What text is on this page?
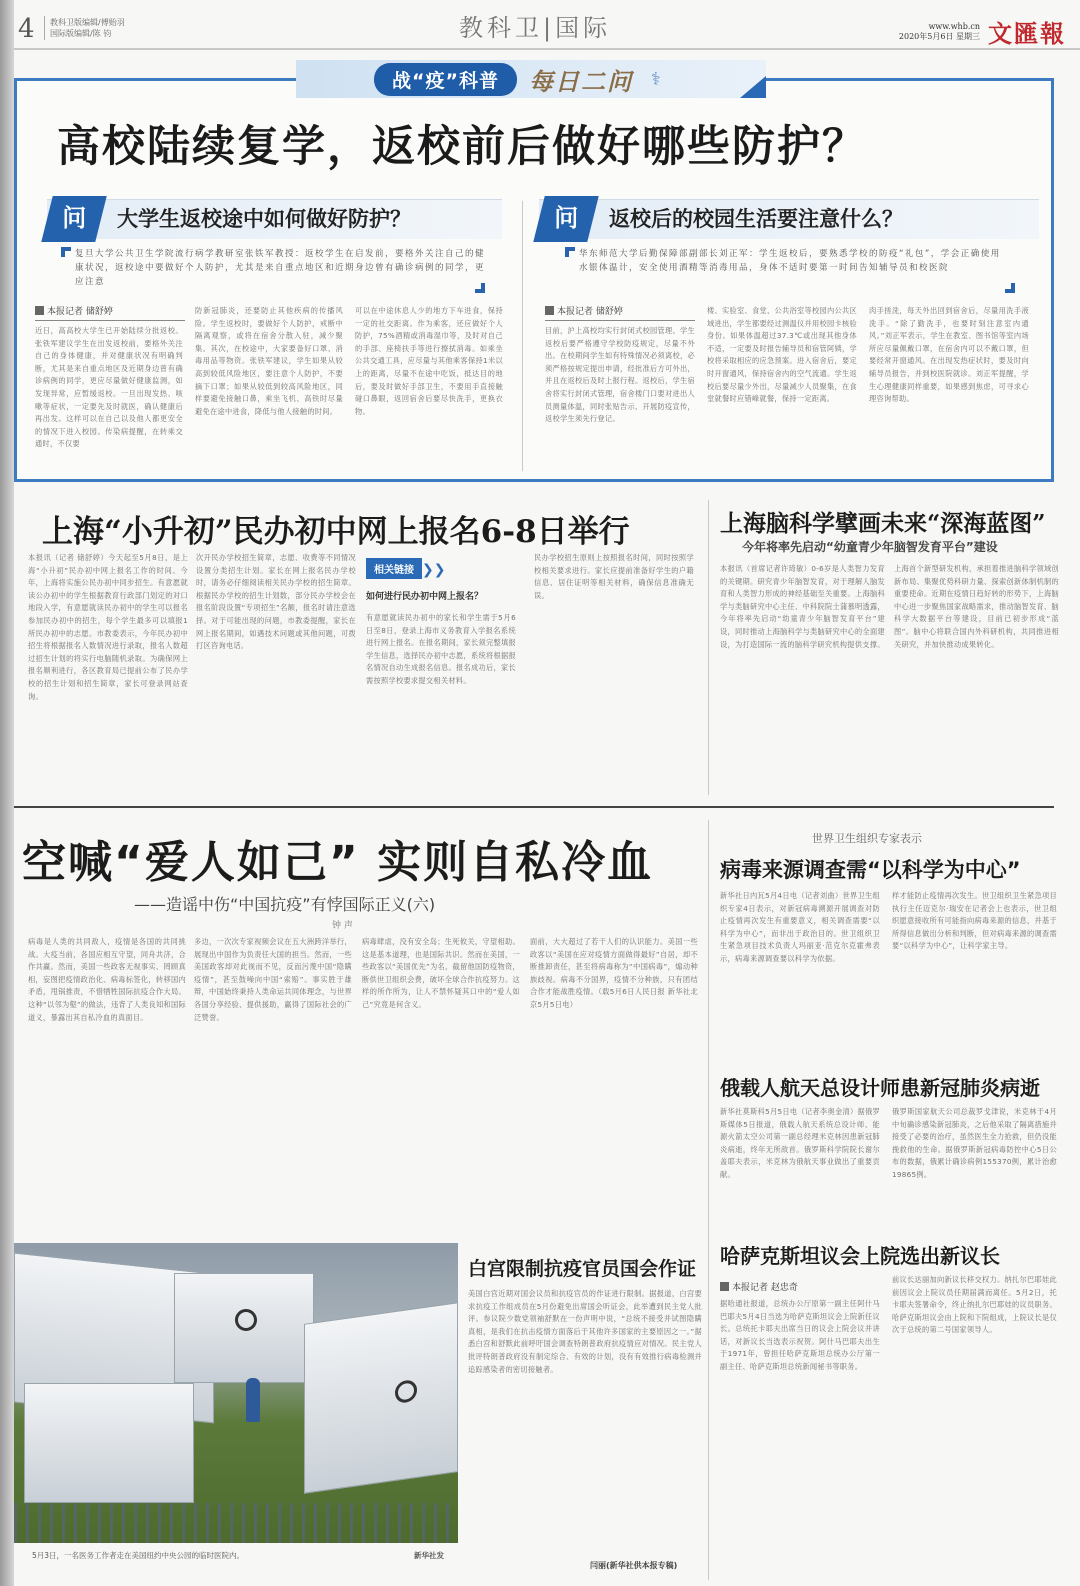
4 教科卫版编辑/傅贻羽
国际版编辑/陈 钧	教科卫|国际	www.whb.cn
2020年5月6日 星期三 文匯報
战“疫”科普	每日二问 ⚕
高校陆续复学，返校前后做好哪些防护？
问	大学生返校途中如何做好防护？
复旦大学公共卫生学院流行病学教研室张铁军教授：返校学生在启发前，要格外关注自己的健康状况，返校途中要做好个人防护，尤其是来自重点地区和近期身边曾有确诊病例的同学，更应注意
本报记者 储舒婷
近日，高高校大学生已开始陆续分批返校。张铁军建议学生在出发返校前，要格外关注自己的身体健康，并对健康状况有明确判断，尤其是来自重点地区及近期身边曾有确诊病例的同学，更应尽量做好健康监测，如发现异常，应暂缓返校。一旦出现发热、咳嗽等症状，一定要先及时就医，确认健康后再出发。这样可以在自己以及他人都更安全的情况下进入校园。传染病提醒，在转乘交通时，不仅要
防新冠肺炎，还要防止其他疾病的传播风险。学生返校时，要做好个人防护，戒断中隔离观察，或将在宿舍分散入驻，减少聚集。其次，在校途中，大家要备好口罩、消毒用品等物资。张铁军建议，学生如果从较高到较低风险地区，要注意个人防护，不要摘下口罩；如果从较低到较高风险地区，同样要避免接触口鼻，乘坐飞机、高铁时尽量避免在途中进食，降低与他人接触的时间。
可以在中途休息人少的地方下车进食，保持一定的社交距离。作为乘客，还应做好个人防护，75%酒精或消毒湿巾等，及时对自己的手部、座椅扶手等进行擦拭消毒。如乘坐公共交通工具，应尽量与其他乘客保持1米以上的距离，尽量不在途中吃饭，抵达目的地后，要及时做好手部卫生，不要用手直接触碰口鼻眼，返回宿舍后要尽快洗手，更换衣物。
问	返校后的校园生活要注意什么？
华东师范大学后勤保障部副部长刘正军：学生返校后，要熟悉学校的防疫“礼包”，学会正确使用水银体温计，安全使用酒精等消毒用品，身体不适时要第一时间告知辅导员和校医院
本报记者 储舒婷
目前，沪上高校均实行封闭式校园管理。学生返校后要严格遵守学校防疫规定，尽量不外出。在校期间学生如有特殊情况必须离校，必须严格按规定提出申请，经批准后方可外出，并且在返校后及时上报行程。返校后，学生宿舍将实行封闭式管理，宿舍楼门口要对进出人员测量体温，同时张贴告示、开展防疫宣传，返校学生须先行登记。
楼、实验室、食堂、公共浴室等校园内公共区域进出，学生都要经过测温仪并用校园卡核验身份。如果体温超过37.3℃或出现其他身体不适，一定要及时报告辅导员和宿管阿姨，学校将采取相应的应急预案。进入宿舍后，要定时开窗通风，保持宿舍内的空气流通。学生返校后要尽量少外出，尽量减少人员聚集，在食堂就餐时应错峰就餐，保持一定距离。
肉手搓洗，每天外出回到宿舍后，尽量用洗手液洗手。“除了勤洗手，也要时刻注意室内通风。”刘正军表示，学生在教室、图书馆等室内场所应尽量佩戴口罩，在宿舍内可以不戴口罩，但要经常开窗通风。在出现发热症状时，要及时向辅导员报告，并到校医院就诊。刘正军提醒，学生心理健康同样重要，如果感到焦虑，可寻求心理咨询帮助。
上海“小升初”民办初中网上报名6-8日举行
本报讯（记者 储舒婷）今天起至5月8日，是上海“小升初”民办初中网上报名工作的时间。今年，上海将实施公民办初中同步招生。有意愿就读公办初中的学生根据教育行政部门划定的对口地段入学，有意愿就读民办初中的学生可以报名参加民办初中的招生，每个学生最多可以填报1所民办初中的志愿。市教委表示，今年民办初中招生将根据报名人数情况进行录取，报名人数超过招生计划的将实行电脑随机录取。为确保网上报名顺利进行，各区教育局已提前公布了民办学校的招生计划和招生简章，家长可登录网站查询。
次开民办学校招生简章，志愿、收费等不同情况设置分类招生计划。家长在网上报名民办学校时，请务必仔细阅读相关民办学校的招生简章。根据民办学校的招生计划数，部分民办学校会在报名阶段设置“专项招生”名额，报名时请注意选择。对于可能出现的问题，市教委提醒，家长在网上报名期间，如遇技术问题或其他问题，可拨打区咨询电话。
相关链接 ❯❯
如何进行民办初中网上报名？
有意愿就读民办初中的家长和学生需于5月6日至8日，登录上海市义务教育入学报名系统进行网上报名。在报名期间，家长须完整填报学生信息，选择民办初中志愿，系统将根据报名情况自动生成报名信息。报名成功后，家长需按照学校要求提交相关材料。
民办学校招生原则上按照报名时间，同时按照学校相关要求进行。家长应提前准备好学生的户籍信息、居住证明等相关材料，确保信息准确无误。
上海脑科学擘画未来“深海蓝图”
今年将率先启动“幼童青少年脑智发育平台”建设
本报讯（首席记者许琦敏）0-6岁是人类智力发育的关键期。研究青少年脑智发育，对于理解人脑发育和人类智力形成的神经基础至关重要。上海脑科学与类脑研究中心主任、中科院院士蒲慕明透露，今年将率先启动“幼童青少年脑智发育平台”建设，同时推动上海脑科学与类脑研究中心的全面建设，为打造国际一流的脑科学研究机构提供支撑。
上海首个新型研发机构，承担着推进脑科学领域创新布局、集聚优势科研力量、探索创新体制机制的重要使命。近期在疫情日趋好转的形势下，上海脑中心进一步聚焦国家战略需求，推动脑智发育、脑科学大数据平台等建设，目前已初步形成“蓝图”。脑中心将联合国内外科研机构，共同推进相关研究，并加快推动成果转化。
空喊“爱人如己” 实则自私冷血
——造谣中伤“中国抗疫”有悖国际正义(六)
钟 声
病毒是人类的共同敌人，疫情是各国的共同挑战。大疫当前，各国应相互守望，同舟共济，合作共赢。然而，美国一些政客无视事实、罔顾真相，妄图把疫情政治化、病毒标签化，转移国内矛盾，甩锅推责，不惜牺牲国际抗疫合作大局。这种“以邻为壑”的做法，违背了人类良知和国际道义，暴露出其自私冷血的真面目。
多边，一次次专家视频会议在五大洲跨洋举行，展现出中国作为负责任大国的担当。然而，一些美国政客却对此视而不见，反而污蔑中国“隐瞒疫情”，甚至鼓噪向中国“索赔”。事实胜于雄辩，中国始终秉持人类命运共同体理念，与世界各国分享经验、提供援助，赢得了国际社会的广泛赞誉。
病毒肆虐，没有安全岛；生死攸关，守望相助。这是基本道理，也是国际共识。然而在美国，一些政客以“美国优先”为名，截留他国防疫物资，断供世卫组织会费，破坏全球合作抗疫努力。这样的所作所为，让人不禁怀疑其口中的“爱人如己”究竟是何含义。
面前，大大超过了若干人们的认识能力。美国一些政客以“美国在应对疫情方面做得最好”自居，却不断推卸责任，甚至将病毒称为“中国病毒”，煽动种族歧视。病毒不分国界，疫情不分种族，只有团结合作才能战胜疫情。（载5月6日人民日报 新华社北京5月5日电）
世界卫生组织专家表示
病毒来源调查需“以科学为中心”
新华社日内瓦5月4日电（记者刘曲）世界卫生组织专家4日表示，对新冠病毒溯源开展调查对防止疫情再次发生有重要意义，相关调查需要“以科学为中心”，而非出于政治目的。世卫组织卫生紧急项目技术负责人玛丽亚·范克尔克霍弗表示，病毒来源调查要以科学为依据。
样才能防止疫情再次发生。世卫组织卫生紧急项目执行主任迈克尔·瑞安在记者会上也表示，世卫组织愿意接收所有可能指向病毒来源的信息，并基于所得信息做出分析和判断，但对病毒来源的调查需要“以科学为中心”，让科学家主导。
俄载人航天总设计师患新冠肺炎病逝
新华社莫斯科5月5日电（记者李奥金清）据俄罗斯媒体5日报道，俄载人航天系统总设计师、能源火箭太空公司第一副总经理米克林因患新冠肺炎病逝，终年无所敌首。俄罗斯科学院院长谢尔盖耶夫表示，米克林为俄航天事业做出了重要贡献。
俄罗斯国家航天公司总裁罗戈津说，米克林于4月中旬确诊感染新冠肺炎，之后他采取了隔离措施并接受了必要的治疗，虽然医生全力抢救，但仍没能挽救他的生命。据俄罗斯新冠病毒防控中心5日公布的数据，俄累计确诊病例155370例，累计治愈19865例。
哈萨克斯坦议会上院选出新议长
本报记者 赵忠奇
据哈通社报道，总统办公厅原第一副主任阿什马巴耶夫5月4日当选为哈萨克斯坦议会上院新任议长。总统托卡耶夫出席当日的议会上院会议并讲话，对新议长当选表示祝贺。阿什马巴耶夫出生于1971年，曾担任哈萨克斯坦总统办公厅第一副主任、哈萨克斯坦总统新闻秘书等职务。
前议长达丽加向新议长移交权力。纳扎尔巴耶娃此前因议会上院议员任期届满而离任。5月2日，托卡耶夫签署命令，终止纳扎尔巴耶娃的议员职务。哈萨克斯坦议会由上院和下院组成，上院议长是仅次于总统的第二号国家领导人。
白宫限制抗疫官员国会作证
美国白宫近期对国会议员和抗疫官员的作证进行限制。据报道，白宫要求抗疫工作组成员在5月份避免出席国会听证会，此举遭到民主党人批评。参议院少数党领袖舒默在一份声明中说，“总统不接受并试图隐瞒真相，是我们在抗击疫情方面落后于其他许多国家的主要原因之一。”据悉白宫和舒默此前呼吁国会调查特朗普政府抗疫情应对情况。民主党人批评特朗普政府没有制定综合、有效的计划，没有有效推行病毒检测并追踪感染者的密切接触者。
闫丽(新华社供本报专稿)
5月3日，一名医务工作者走在美国纽约中央公园的临时医院内。	新华社发
